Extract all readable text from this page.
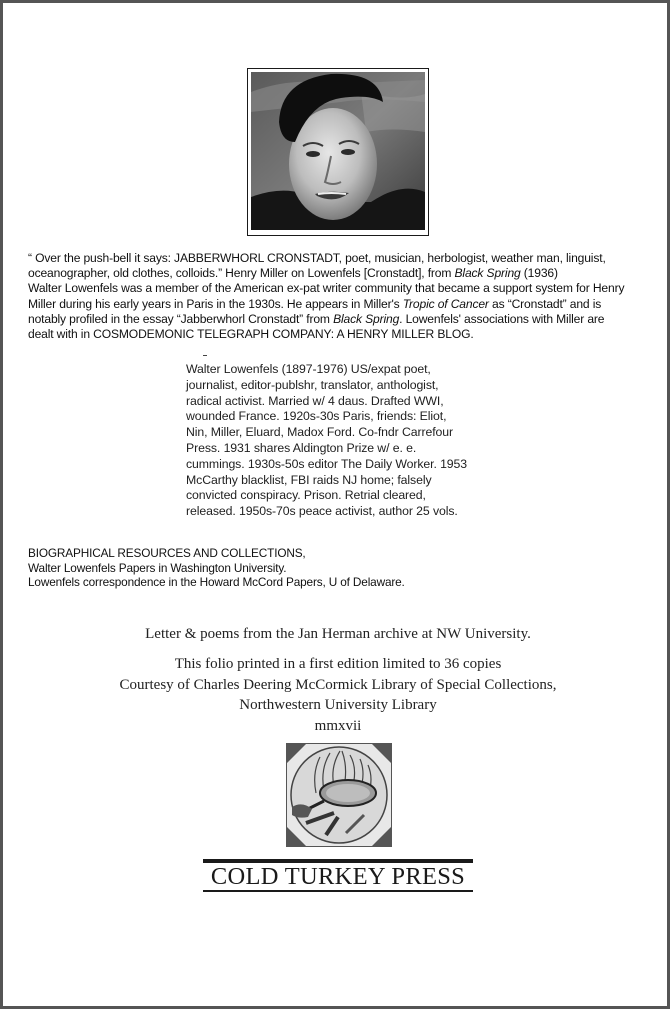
“ Over the push-bell it says: JABBERWHORL CRONSTADT, poet, musician, herbologist, weather man, linguist,
oceanographer, old clothes, colloids.” Henry Miller on Lowenfels [Cronstadt], from Black Spring (1936)
Walter Lowenfels was a member of the American ex-pat writer community that became a support system for Henry
Miller during his early years in Paris in the 1930s. He appears in Miller's Tropic of Cancer as “Cronstadt” and is
notably profiled in the essay “Jabberwhorl Cronstadt” from Black Spring. Lowenfels' associations with Miller are
dealt with in COSMODEMONIC TELEGRAPH COMPANY: A HENRY MILLER BLOG.
Walter Lowenfels (1897-1976) US/expat poet,
journalist, editor-publshr, translator, anthologist,
radical activist. Married w/ 4 daus. Drafted WWI,
wounded France. 1920s-30s Paris, friends: Eliot,
Nin, Miller, Eluard, Madox Ford. Co-fndr Carrefour
Press. 1931 shares Aldington Prize w/ e. e.
cummings. 1930s-50s editor The Daily Worker. 1953
McCarthy blacklist, FBI raids NJ home; falsely
convicted conspiracy. Prison. Retrial cleared,
released. 1950s-70s peace activist, author 25 vols.
BIOGRAPHICAL RESOURCES AND COLLECTIONS,
Walter Lowenfels Papers in Washington University.
Lowenfels correspondence in the Howard McCord Papers, U of Delaware.
Letter & poems from the Jan Herman archive at NW University.
This folio printed in a first edition limited to 36 copies
Courtesy of Charles Deering McCormick Library of Special Collections,
Northwestern University Library
mmxvii
COLD TURKEY PRESS
